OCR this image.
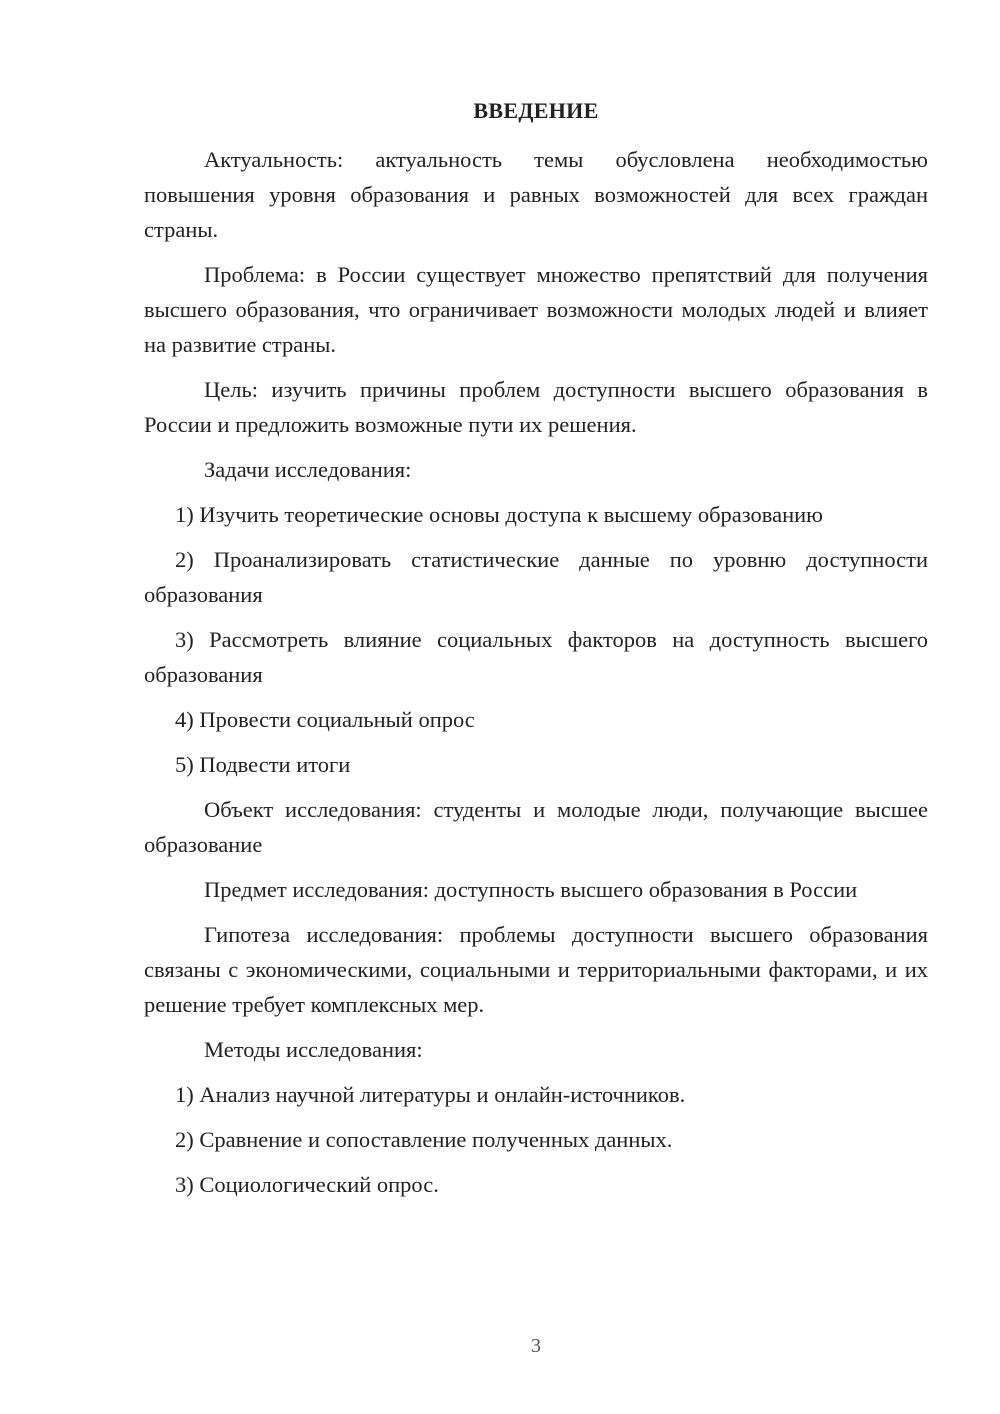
ВВЕДЕНИЕ

Актуальность: актуальность темы обусловлена необходимостью повышения уровня образования и равных возможностей для всех граждан страны.

Проблема: в России существует множество препятствий для получения высшего образования, что ограничивает возможности молодых людей и влияет на развитие страны.

Цель: изучить причины проблем доступности высшего образования в России и предложить возможные пути их решения.

Задачи исследования:

1) Изучить теоретические основы доступа к высшему образованию

2) Проанализировать статистические данные по уровню доступности образования

3) Рассмотреть влияние социальных факторов на доступность высшего образования

4) Провести социальный опрос

5) Подвести итоги

Объект исследования: студенты и молодые люди, получающие высшее образование

Предмет исследования: доступность высшего образования в России

Гипотеза исследования: проблемы доступности высшего образования связаны с экономическими, социальными и территориальными факторами, и их решение требует комплексных мер.

Методы исследования:

1) Анализ научной литературы и онлайн-источников.

2) Сравнение и сопоставление полученных данных.

3) Социологический опрос.

3
